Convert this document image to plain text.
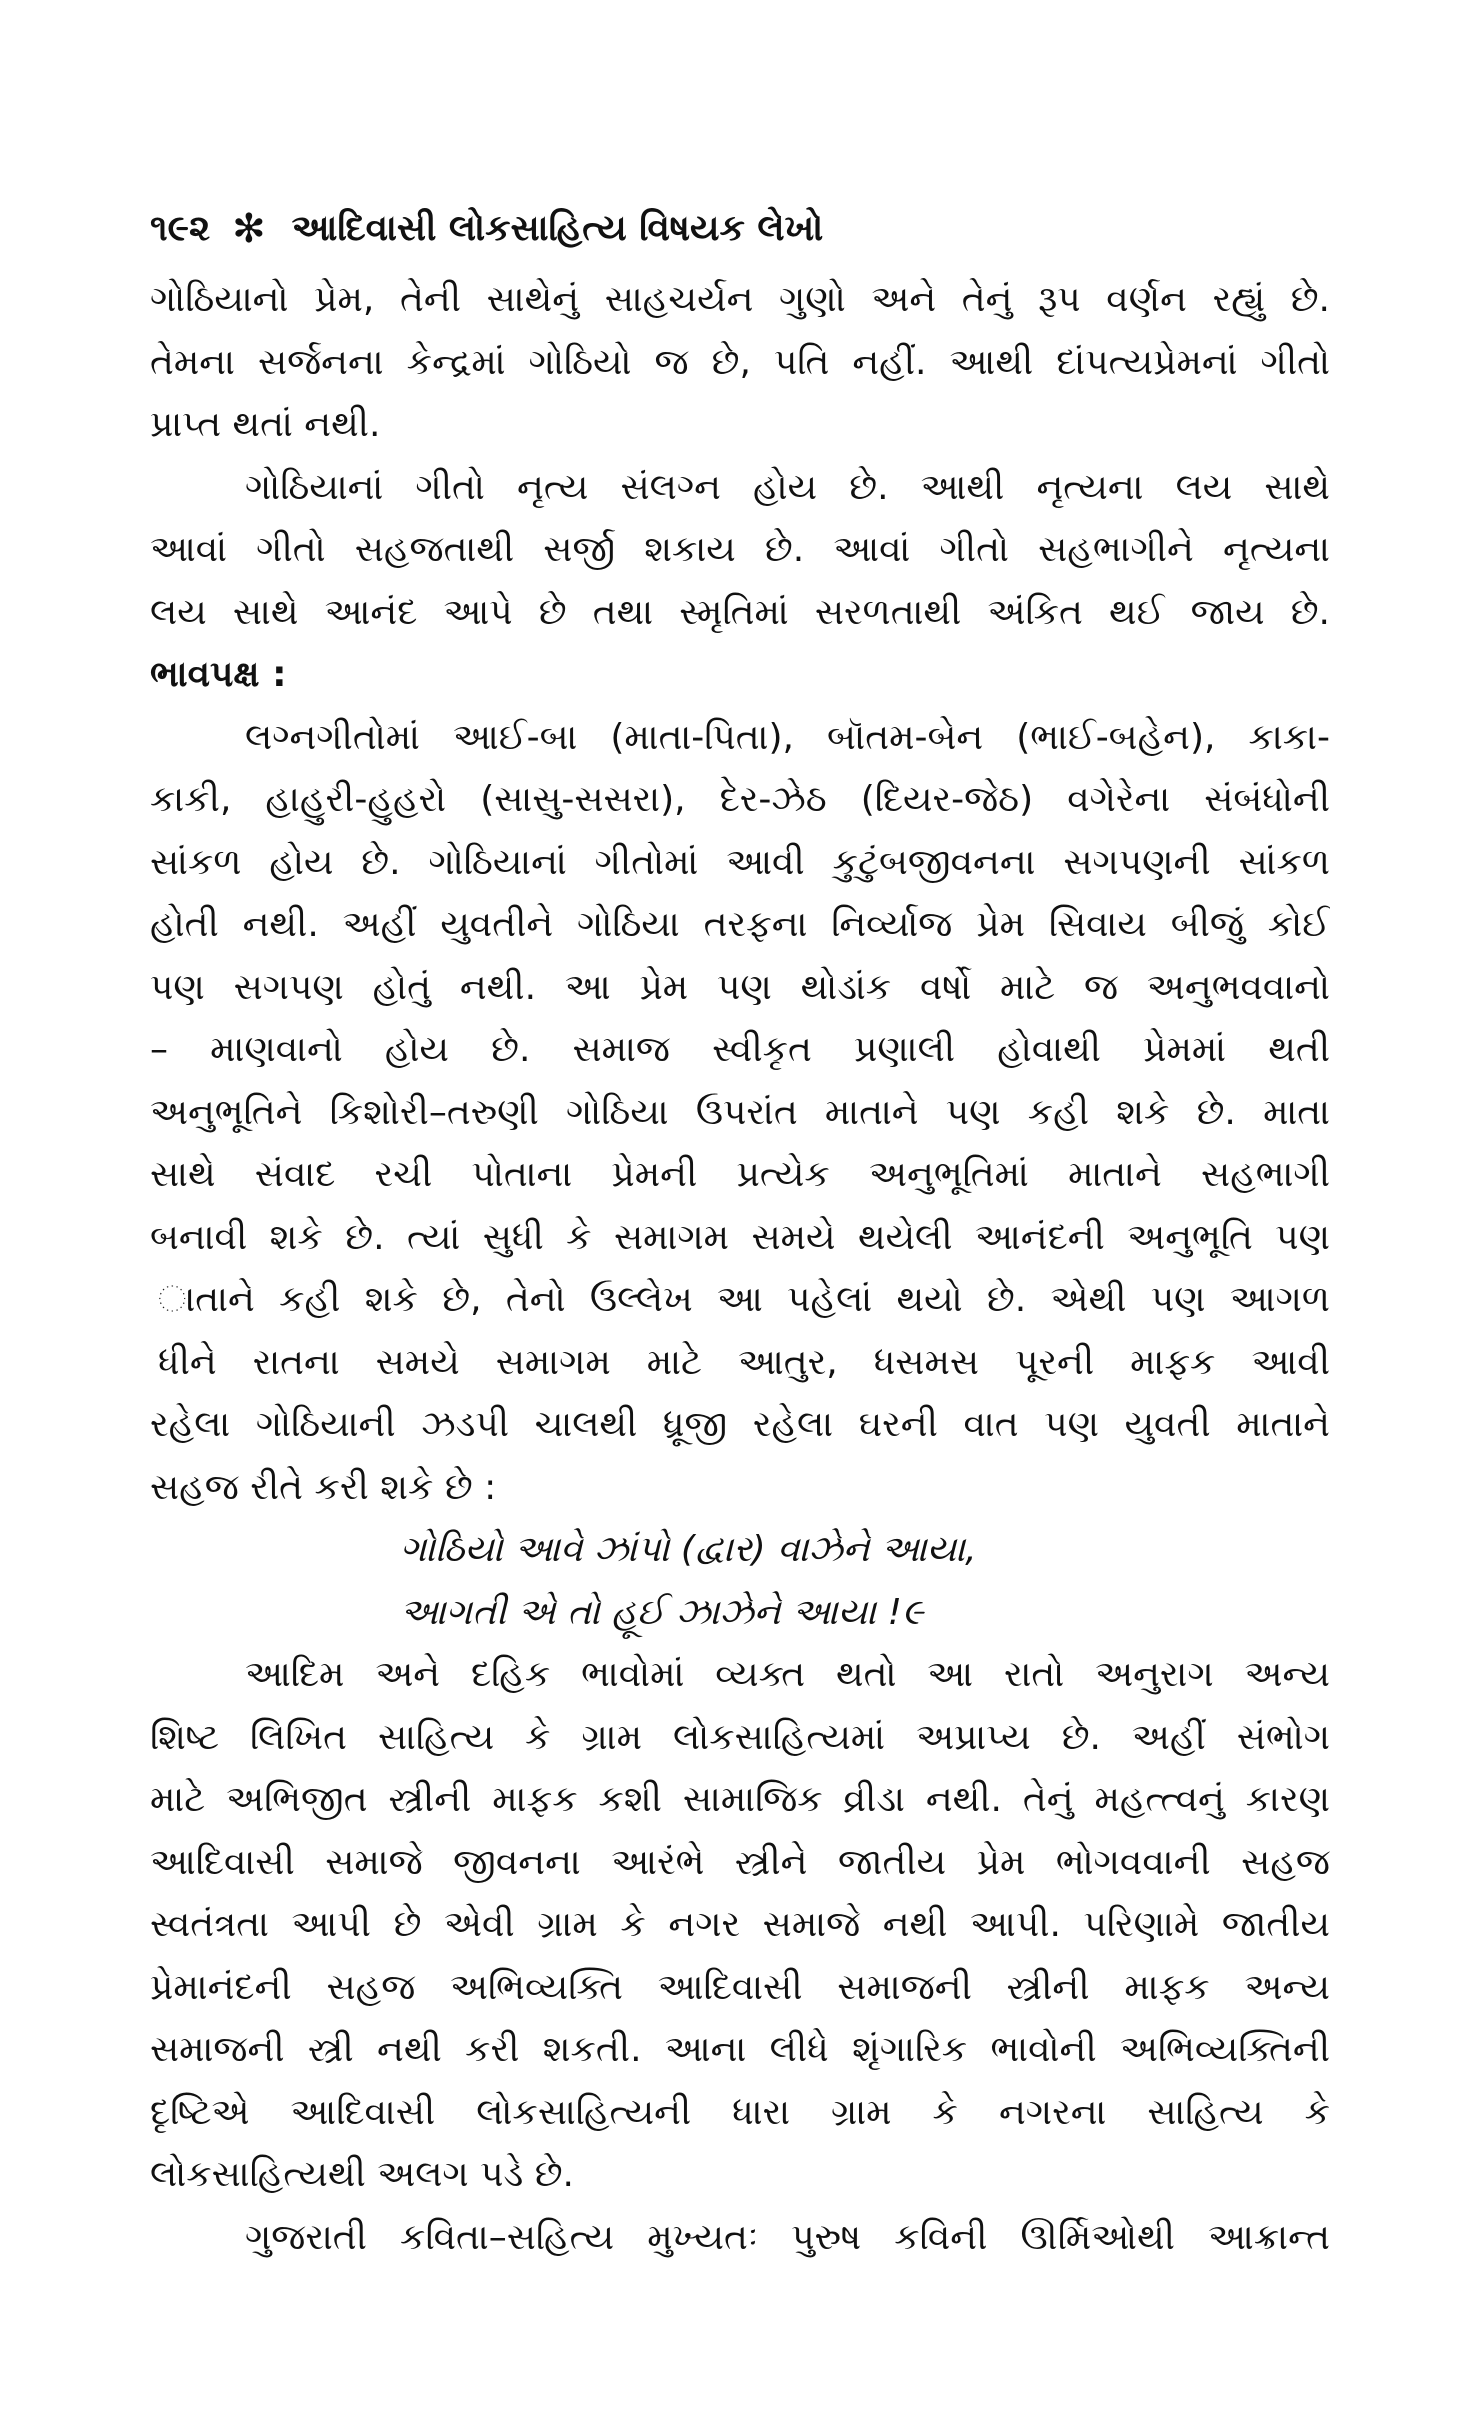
૧૯૨ ✻ આદિવાસી લોકસાહિત્ય વિષયક લેખો
ગોઠિયાનો પ્રેમ, તેની સાથેનું સાહચર્યન ગુણો અને તેનું રૂપ વર્ણન રહ્યું છે.
તેમના સર્જનના કેન્દ્રમાં ગોઠિયો જ છે, પતિ નહીં. આથી દાંપત્યપ્રેમનાં ગીતો
પ્રાપ્ત થતાં નથી.
ગોઠિયાનાં ગીતો નૃત્ય સંલગ્ન હોય છે. આથી નૃત્યના લય સાથે
આવાં ગીતો સહજતાથી સર્જી શકાય છે. આવાં ગીતો સહભાગીને નૃત્યના
લય સાથે આનંદ આપે છે તથા સ્મૃતિમાં સરળતાથી અંકિત થઈ જાય છે.
ભાવપક્ષ :
લગ્નગીતોમાં આઈ-બા (માતા-પિતા), બૉતમ-બેન (ભાઈ-બહેન), કાકા-
કાકી, હાહુરી-હુહરો (સાસુ-સસરા), દેર-ઝેઠ (દિયર-જેઠ) વગેરેના સંબંધોની
સાંકળ હોય છે. ગોઠિયાનાં ગીતોમાં આવી કુટુંબજીવનના સગપણની સાંકળ
હોતી નથી. અહીં યુવતીને ગોઠિયા તરફના નિર્વ્યાજ પ્રેમ સિવાય બીજું કોઈ
પણ સગપણ હોતું નથી. આ પ્રેમ પણ થોડાંક વર્ષો માટે જ અનુભવવાનો
– માણવાનો હોય છે. સમાજ સ્વીકૃત પ્રણાલી હોવાથી પ્રેમમાં થતી
અનુભૂતિને કિશોરી–તરુણી ગોઠિયા ઉપરાંત માતાને પણ કહી શકે છે. માતા
સાથે સંવાદ રચી પોતાના પ્રેમની પ્રત્યેક અનુભૂતિમાં માતાને સહભાગી
બનાવી શકે છે. ત્યાં સુધી કે સમાગમ સમયે થયેલી આનંદની અનુભૂતિ પણ
ાતાને કહી શકે છે, તેનો ઉલ્લેખ આ પહેલાં થયો છે. એથી પણ આગળ
ધીને રાતના સમયે સમાગમ માટે આતુર, ધસમસ પૂરની માફક આવી
રહેલા ગોઠિયાની ઝડપી ચાલથી ધ્રૂજી રહેલા ઘરની વાત પણ યુવતી માતાને
સહજ રીતે કરી શકે છે :
ગોઠિયો આવે ઝાંપો (દ્વાર) વાઝેને આયા,
આગતી એ તો હૂઈ ઝાઝેને આયા !૯
આદિમ અને દહિક ભાવોમાં વ્યક્ત થતો આ રાતો અનુરાગ અન્ય
શિષ્ટ લિખિત સાહિત્ય કે ગ્રામ લોકસાહિત્યમાં અપ્રાપ્ય છે. અહીં સંભોગ
માટે અભિજીત સ્ત્રીની માફક કશી સામાજિક વ્રીડા નથી. તેનું મહત્ત્વનું કારણ
આદિવાસી સમાજે જીવનના આરંભે સ્ત્રીને જાતીય પ્રેમ ભોગવવાની સહજ
સ્વતંત્રતા આપી છે એવી ગ્રામ કે નગર સમાજે નથી આપી. પરિણામે જાતીય
પ્રેમાનંદની સહજ અભિવ્યક્તિ આદિવાસી સમાજની સ્ત્રીની માફક અન્ય
સમાજની સ્ત્રી નથી કરી શકતી. આના લીધે શૃંગારિક ભાવોની અભિવ્યક્તિની
દૃષ્ટિએ આદિવાસી લોકસાહિત્યની ધારા ગ્રામ કે નગરના સાહિત્ય કે
લોકસાહિત્યથી અલગ પડે છે.
ગુજરાતી કવિતા–સહિત્ય મુખ્યતઃ પુરુષ કવિની ઊર્મિઓથી આક્રાન્ત
